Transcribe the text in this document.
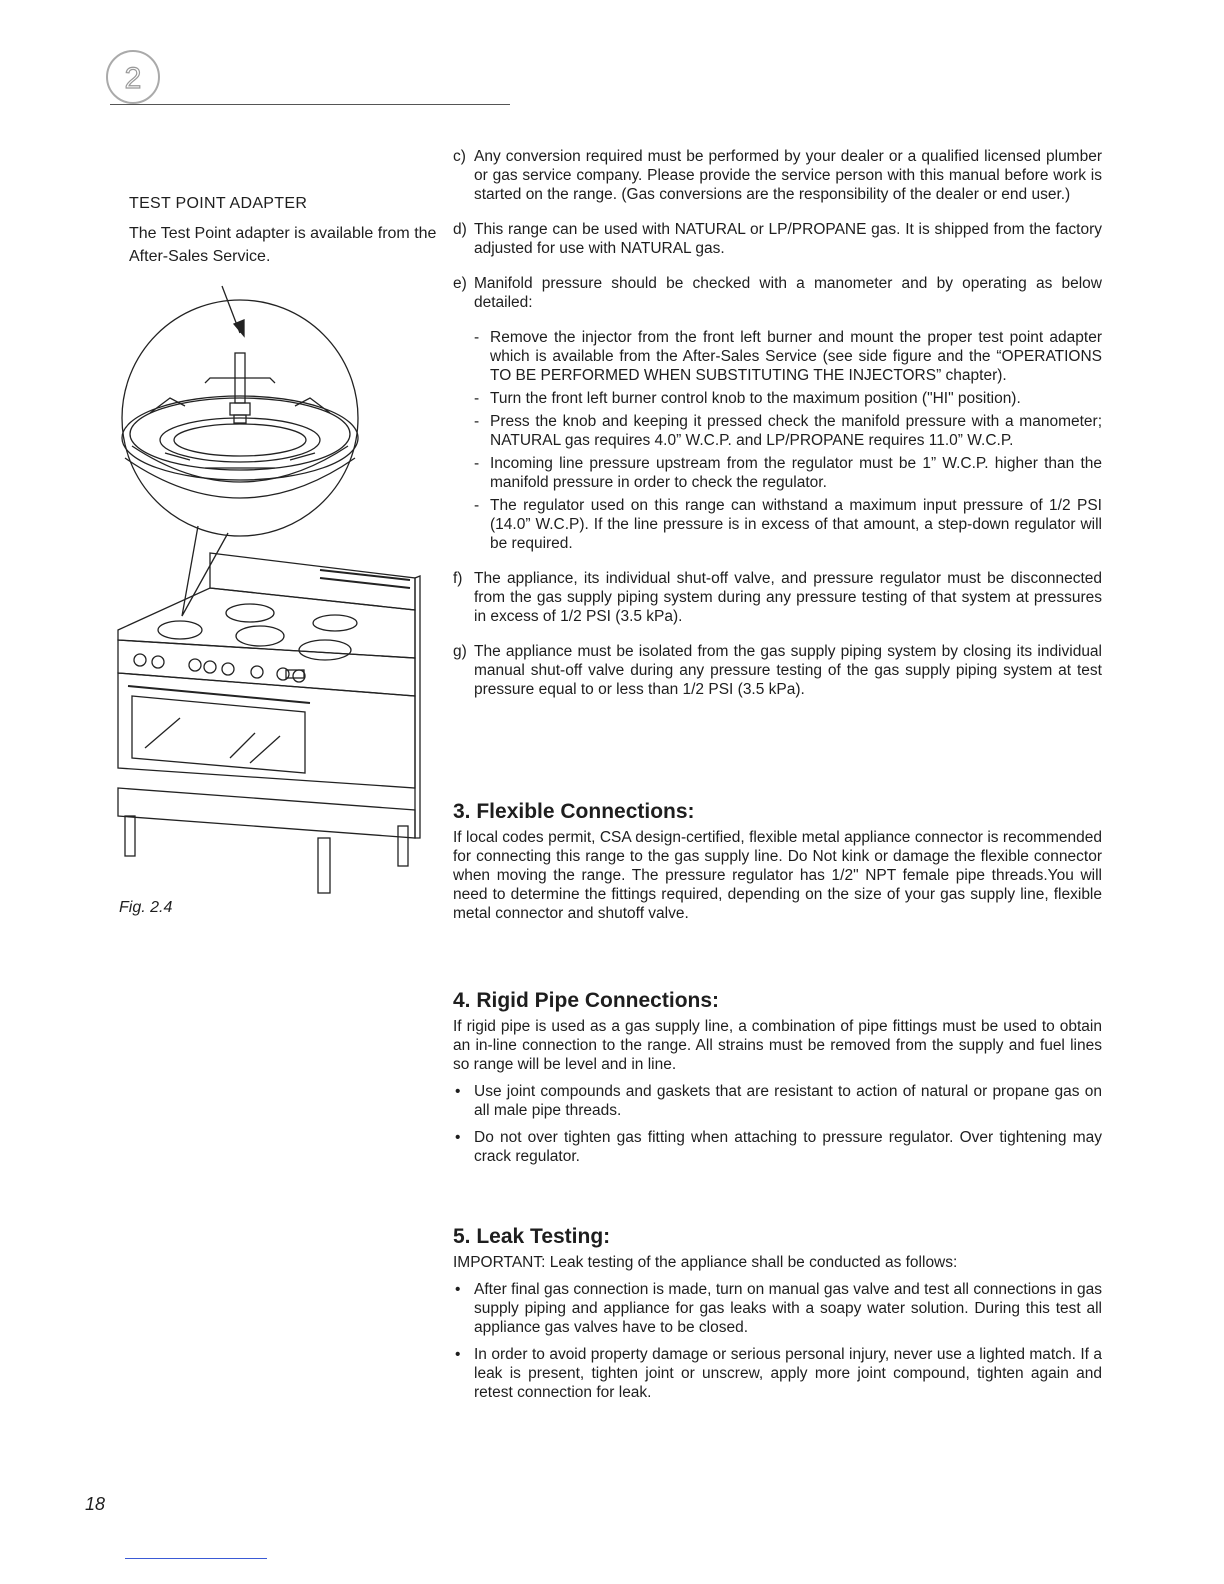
2
TEST POINT ADAPTER
The Test Point adapter is available from the After-Sales Service.
Fig. 2.4
c) Any conversion required must be performed by your dealer or a qualified licensed plumber or gas service company. Please provide the service person with this manual before work is started on the range. (Gas conversions are the responsibility of the dealer or end user.)
d) This range can be used with NATURAL or LP/PROPANE gas. It is shipped from the factory adjusted for use with NATURAL gas.
e) Manifold pressure should be checked with a manometer and by operating as below detailed:
- Remove the injector from the front left burner and mount the proper test point adapter which is available from the After-Sales Service (see side figure and the “OPERATIONS TO BE PERFORMED WHEN SUBSTITUTING THE INJECTORS” chapter).
- Turn the front left burner control knob to the maximum position ("HI" position).
- Press the knob and keeping it pressed check the manifold pressure with a manometer; NATURAL gas requires 4.0” W.C.P. and LP/PROPANE requires 11.0” W.C.P.
- Incoming line pressure upstream from the regulator must be 1” W.C.P. higher than the manifold pressure in order to check the regulator.
- The regulator used on this range can withstand a maximum input pressure of 1/2 PSI (14.0” W.C.P). If the line pressure is in excess of that amount, a step-down regulator will be required.
f) The appliance, its individual shut-off valve, and pressure regulator must be disconnected from the gas supply piping system during any pressure testing of that system at pressures in excess of 1/2 PSI (3.5 kPa).
g) The appliance must be isolated from the gas supply piping system by closing its individual manual shut-off valve during any pressure testing of the gas supply piping system at test pressure equal to or less than 1/2 PSI (3.5 kPa).
3. Flexible Connections:
If local codes permit, CSA design-certified, flexible metal appliance connector is recommended for connecting this range to the gas supply line. Do Not kink or damage the flexible connector when moving the range. The pressure regulator has 1/2" NPT female pipe threads.You will need to determine the fittings required, depending on the size of your gas supply line, flexible metal connector and shutoff valve.
4. Rigid Pipe Connections:
If rigid pipe is used as a gas supply line, a combination of pipe fittings must be used to obtain an in-line connection to the range. All strains must be removed from the supply and fuel lines so range will be level and in line.
• Use joint compounds and gaskets that are resistant to action of natural or propane gas on all male pipe threads.
• Do not over tighten gas fitting when attaching to pressure regulator. Over tightening may crack regulator.
5. Leak Testing:
IMPORTANT: Leak testing of the appliance shall be conducted as follows:
• After final gas connection is made, turn on manual gas valve and test all connections in gas supply piping and appliance for gas leaks with a soapy water solution. During this test all appliance gas valves have to be closed.
• In order to avoid property damage or serious personal injury, never use a lighted match. If a leak is present, tighten joint or unscrew, apply more joint compound, tighten again and retest connection for leak.
18
